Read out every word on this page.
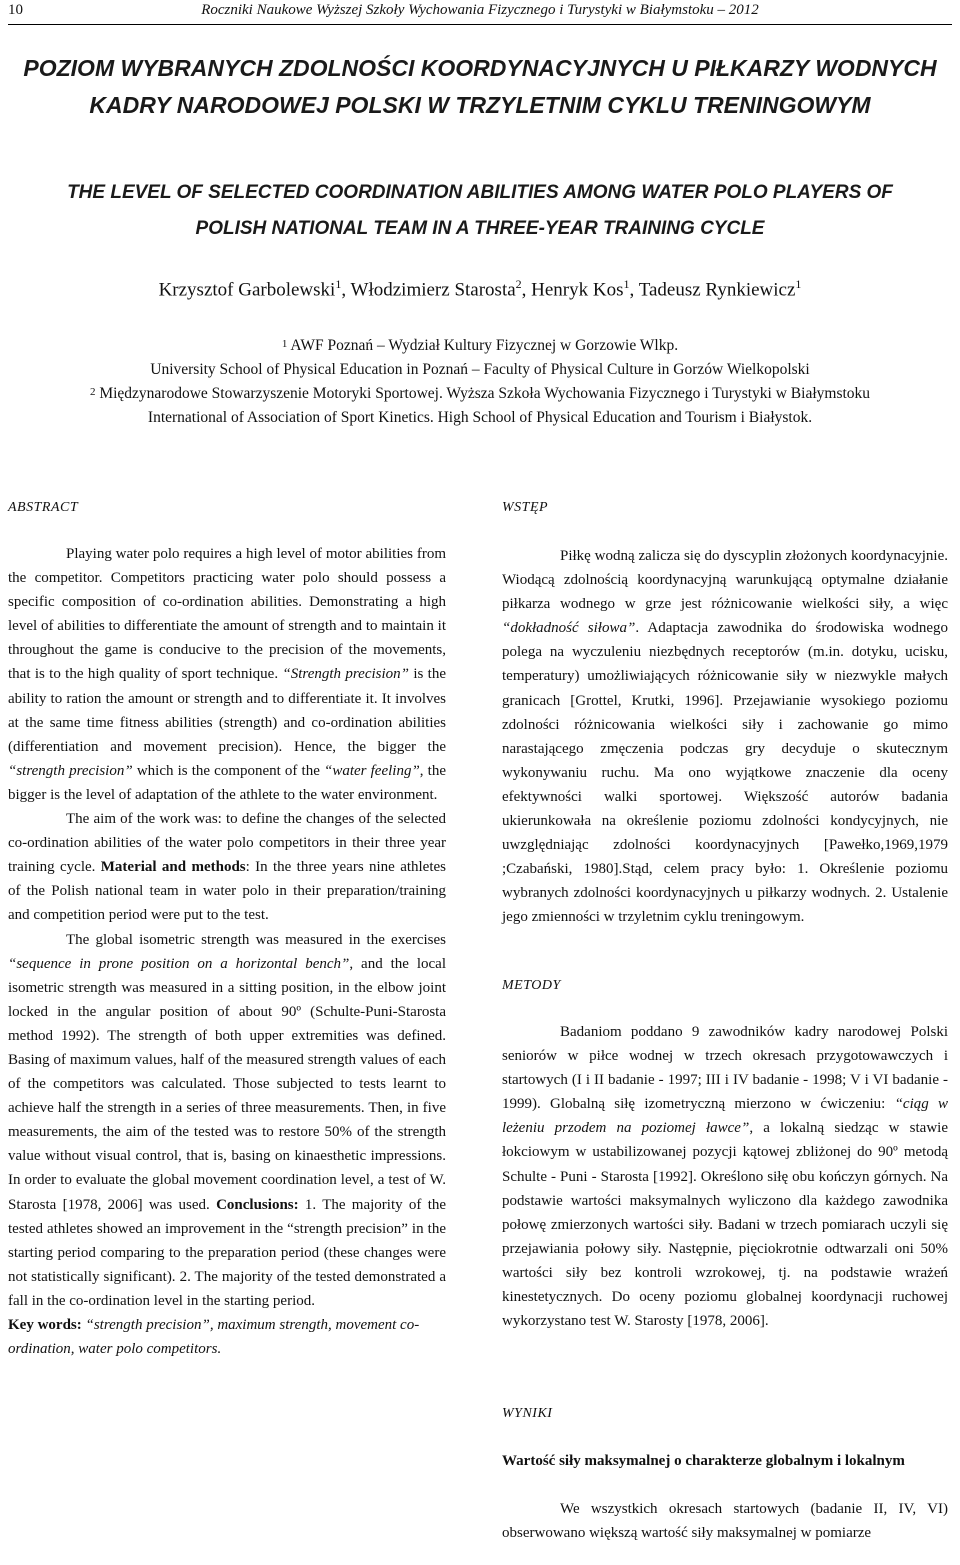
10	Roczniki Naukowe Wyższej Szkoły Wychowania Fizycznego i Turystyki w Białymstoku – 2012
POZIOM WYBRANYCH ZDOLNOŚCI KOORDYNACYJNYCH U PIŁKARZY WODNYCH
KADRY NARODOWEJ POLSKI W TRZYLETNIM CYKLU TRENINGOWYM
THE LEVEL OF SELECTED COORDINATION ABILITIES AMONG WATER POLO PLAYERS OF
POLISH NATIONAL TEAM IN A THREE-YEAR TRAINING CYCLE
Krzysztof Garbolewski$^1$, Włodzimierz Starosta$^2$, Henryk Kos$^1$, Tadeusz Rynkiewicz$^1$
$^1$ AWF Poznań – Wydział Kultury Fizycznej w Gorzowie Wlkp.
University School of Physical Education in Poznań – Faculty of Physical Culture in Gorzów Wielkopolski
$^2$ Międzynarodowe Stowarzyszenie Motoryki Sportowej. Wyższa Szkoła Wychowania Fizycznego i Turystyki w Białymstoku
International of Association of Sport Kinetics. High School of Physical Education and Tourism i Białystok.
ABSTRACT

Playing water polo requires a high level of motor abilities from the competitor. Competitors practicing water polo should possess a specific composition of co-ordination abilities. Demonstrating a high level of abilities to differentiate the amount of strength and to maintain it throughout the game is conducive to the precision of the movements, that is to the high quality of sport technique. “Strength precision” is the ability to ration the amount or strength and to differentiate it. It involves at the same time fitness abilities (strength) and co-ordination abilities (differentiation and movement precision). Hence, the bigger the “strength precision” which is the component of the “water feeling”, the bigger is the level of adaptation of the athlete to the water environment.

The aim of the work was: to define the changes of the selected co-ordination abilities of the water polo competitors in their three year training cycle. Material and methods: In the three years nine athletes of the Polish national team in water polo in their preparation/training and competition period were put to the test.

The global isometric strength was measured in the exercises “sequence in prone position on a horizontal bench”, and the local isometric strength was measured in a sitting position, in the elbow joint locked in the angular position of about 90º (Schulte-Puni-Starosta method 1992). The strength of both upper extremities was defined. Basing of maximum values, half of the measured strength values of each of the competitors was calculated. Those subjected to tests learnt to achieve half the strength in a series of three measurements. Then, in five measurements, the aim of the tested was to restore 50% of the strength value without visual control, that is, basing on kinaesthetic impressions. In order to evaluate the global movement coordination level, a test of W. Starosta [1978, 2006] was used. Conclusions: 1. The majority of the tested athletes showed an improvement in the “strength precision” in the starting period comparing to the preparation period (these changes were not statistically significant). 2. The majority of the tested demonstrated a fall in the co-ordination level in the starting period.

Key words: “strength precision”, maximum strength, movement co-ordination, water polo competitors.

WSTĘP

Piłkę wodną zalicza się do dyscyplin złożonych koordynacyjnie. Wiodącą zdolnością koordynacyjną warunkującą optymalne działanie piłkarza wodnego w grze jest różnicowanie wielkości siły, a więc “dokładność siłowa”. Adaptacja zawodnika do środowiska wodnego polega na wyczuleniu niezbędnych receptorów (m.in. dotyku, ucisku, temperatury) umożliwiających różnicowanie siły w niezwykle małych granicach [Grottel, Krutki, 1996]. Przejawianie wysokiego poziomu zdolności różnicowania wielkości siły i zachowanie go mimo narastającego zmęczenia podczas gry decyduje o skutecznym wykonywaniu ruchu. Ma ono wyjątkowe znaczenie dla oceny efektywności walki sportowej. Większość autorów badania ukierunkowała na określenie poziomu zdolności kondycyjnych, nie uwzględniając zdolności koordynacyjnych [Pawełko,1969,1979 ;Czabański, 1980].Stąd, celem pracy było: 1. Określenie poziomu wybranych zdolności koordynacyjnych u piłkarzy wodnych. 2. Ustalenie jego zmienności w trzyletnim cyklu treningowym.

METODY

Badaniom poddano 9 zawodników kadry narodowej Polski seniorów w piłce wodnej w trzech okresach przygotowawczych i startowych (I i II badanie - 1997; III i IV badanie - 1998; V i VI badanie - 1999). Globalną siłę izometryczną mierzono w ćwiczeniu: “ciąg w leżeniu przodem na poziomej ławce”, a lokalną siedząc w stawie łokciowym w ustabilizowanej pozycji kątowej zbliżonej do 90º metodą Schulte - Puni - Starosta [1992]. Określono siłę obu kończyn górnych. Na podstawie wartości maksymalnych wyliczono dla każdego zawodnika połowę zmierzonych wartości siły. Badani w trzech pomiarach uczyli się przejawiania połowy siły. Następnie, pięciokrotnie odtwarzali oni 50% wartości siły bez kontroli wzrokowej, tj. na podstawie wrażeń kinestetycznych. Do oceny poziomu globalnej koordynacji ruchowej wykorzystano test W. Starosty [1978, 2006].

WYNIKI

Wartość siły maksymalnej o charakterze globalnym i lokalnym

We wszystkich okresach startowych (badanie II, IV, VI) obserwowano większą wartość siły maksymalnej w pomiarze
